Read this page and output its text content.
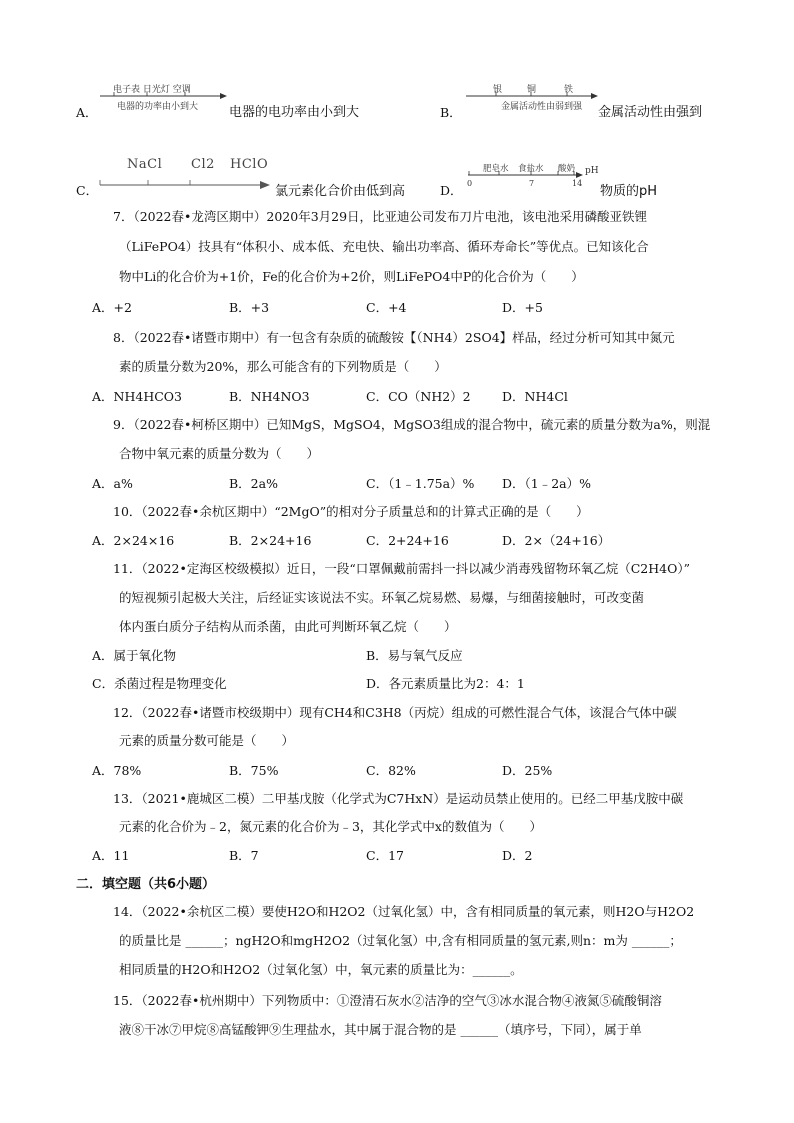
A．
电子表 日光灯 空调
电器的功率由小到大 电器的电功率由小到大	B．
银	铜	铁
金属活动性由弱到强 金属活动性由强到
C．
NaCl Cl2 HClO
氯元素化合价由低到高	D．
肥皂水 食盐水 酸奶
0	7	14
pH
物质的pH
7．（2022春•龙湾区期中）2020年3月29日，比亚迪公司发布刀片电池，该电池采用磷酸亚铁锂
（LiFePO4）技具有“体积小、成本低、充电快、输出功率高、循环寿命长”等优点。已知该化合
物中Li的化合价为+1价，Fe的化合价为+2价，则LiFePO4中P的化合价为（　　）
A．+2	B．+3	C．+4	D．+5
8．（2022春•诸暨市期中）有一包含有杂质的硫酸铵【（NH4）2SO4】样品，经过分析可知其中氮元
素的质量分数为20%，那么可能含有的下列物质是（　　）
A．NH4HCO3	B．NH4NO3	C．CO（NH2）2	D．NH4Cl
9．（2022春•柯桥区期中）已知MgS，MgSO4，MgSO3组成的混合物中，硫元素的质量分数为a%，则混
合物中氧元素的质量分数为（　　）
A．a%	B．2a%	C．（1﹣1.75a）% D．（1﹣2a）%
10．（2022春•余杭区期中）“2MgO”的相对分子质量总和的计算式正确的是（　　）
A．2×24×16	B．2×24+16	C．2+24+16	D．2×（24+16）
11．（2022•定海区校级模拟）近日，一段“口罩佩戴前需抖一抖以减少消毒残留物环氧乙烷（C2H4O）”
的短视频引起极大关注，后经证实该说法不实。环氧乙烷易燃、易爆，与细菌接触时，可改变菌
体内蛋白质分子结构从而杀菌，由此可判断环氧乙烷（　　）
A．属于氧化物	B．易与氧气反应
C．杀菌过程是物理变化	D．各元素质量比为2：4：1
12．（2022春•诸暨市校级期中）现有CH4和C3H8（丙烷）组成的可燃性混合气体，该混合气体中碳
元素的质量分数可能是（　　）
A．78%	B．75%	C．82%	D．25%
13．（2021•鹿城区二模）二甲基戊胺（化学式为C7HxN）是运动员禁止使用的。已经二甲基戊胺中碳
元素的化合价为﹣2，氮元素的化合价为﹣3，其化学式中x的数值为（　　）
A．11	B．7	C．17	D．2
二．填空题（共6小题）
14．（2022•余杭区二模）要使H2O和H2O2（过氧化氢）中，含有相同质量的氧元素，则H2O与H2O2
的质量比是 ______；ngH2O和mgH2O2（过氧化氢）中,含有相同质量的氢元素,则n：m为 ______；
相同质量的H2O和H2O2（过氧化氢）中，氧元素的质量比为：______。
15．（2022春•杭州期中）下列物质中：①澄清石灰水②洁净的空气③冰水混合物④液氮⑤硫酸铜溶
液⑧干冰⑦甲烷⑧高锰酸钾⑨生理盐水，其中属于混合物的是 ______（填序号，下同），属于单
